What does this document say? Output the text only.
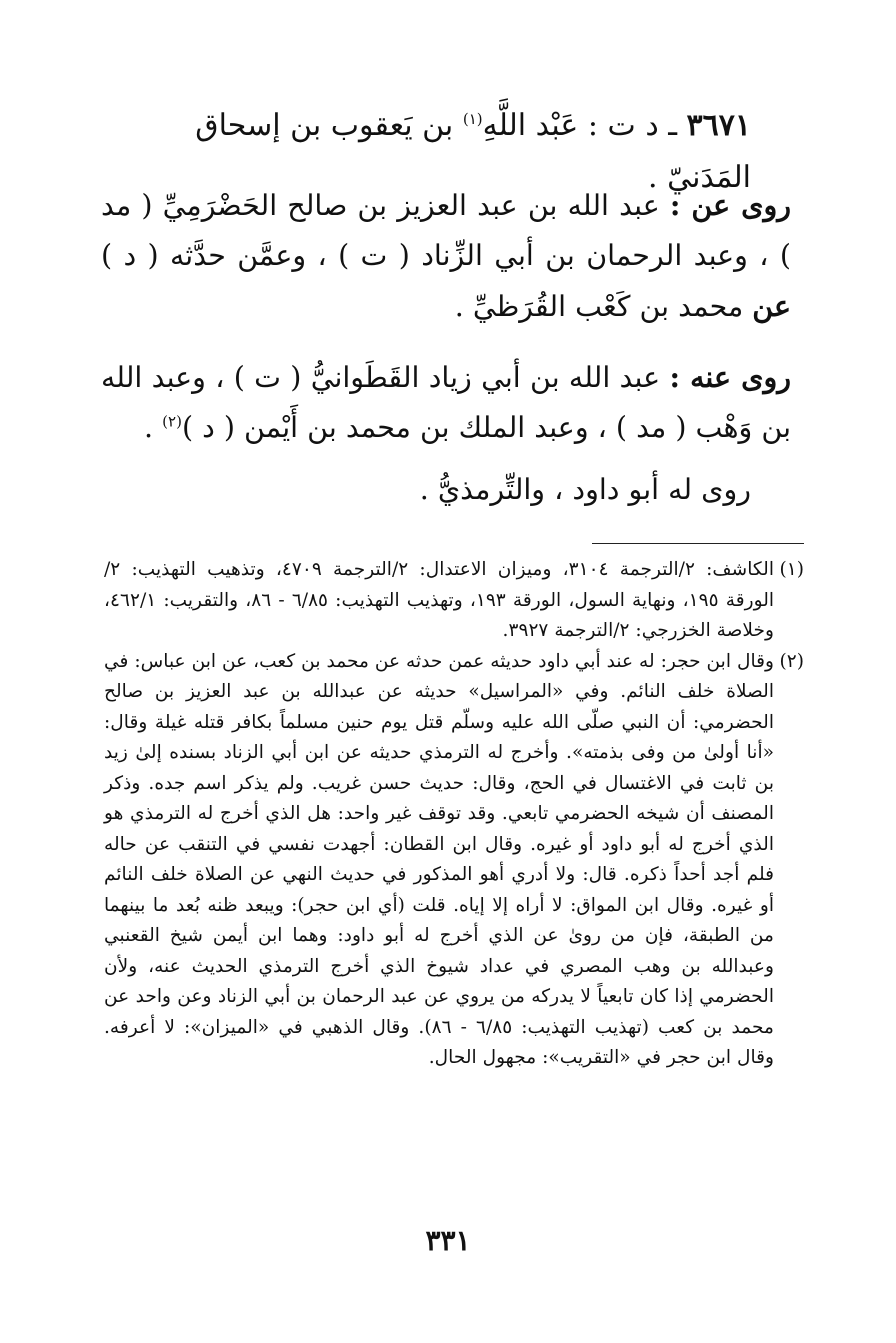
٣٦٧١ ـ د ت : عَبْد اللَّهِ$^{(١)}$ بن يَعقوب بن إسحاق المَدَنيّ .
روى عن : عبد الله بن عبد العزيز بن صالح الحَضْرَمِيِّ ( مد ) ، وعبد الرحمان بن أبي الزِّناد ( ت ) ، وعمَّن حدَّثه ( د ) عن محمد بن كَعْب القُرَظيِّ .
روى عنه : عبد الله بن أبي زياد القَطَوانيُّ ( ت ) ، وعبد الله بن وَهْب ( مد ) ، وعبد الملك بن محمد بن أَيْمن ( د )$^{(٢)}$ .
روى له أبو داود ، والتِّرمذيُّ .

(١)
الكاشف: ٢/الترجمة ٣١٠٤، وميزان الاعتدال: ٢/الترجمة ٤٧٠٩، وتذهيب التهذيب: ٢/الورقة ١٩٥، ونهاية السول، الورقة ١٩٣، وتهذيب التهذيب: ٦/٨٥ - ٨٦، والتقريب: ٤٦٢/١، وخلاصة الخزرجي: ٢/الترجمة ٣٩٢٧.

(٢)
وقال ابن حجر: له عند أبي داود حديثه عمن حدثه عن محمد بن كعب، عن ابن عباس: في الصلاة خلف النائم. وفي «المراسيل» حديثه عن عبدالله بن عبد العزيز بن صالح الحضرمي: أن النبي صلّى الله عليه وسلّم قتل يوم حنين مسلماً بكافر قتله غيلة وقال: «أنا أولىٰ من وفى بذمته». وأخرج له الترمذي حديثه عن ابن أبي الزناد بسنده إلىٰ زيد بن ثابت في الاغتسال في الحج، وقال: حديث حسن غريب. ولم يذكر اسم جده. وذكر المصنف أن شيخه الحضرمي تابعي. وقد توقف غير واحد: هل الذي أخرج له الترمذي هو الذي أخرج له أبو داود أو غيره. وقال ابن القطان: أجهدت نفسي في التنقب عن حاله فلم أجد أحداً ذكره. قال: ولا أدري أهو المذكور في حديث النهي عن الصلاة خلف النائم أو غيره. وقال ابن المواق: لا أراه إلا إياه. قلت (أي ابن حجر): ويبعد ظنه بُعد ما بينهما من الطبقة، فإن من روىٰ عن الذي أخرج له أبو داود: وهما ابن أيمن شيخ القعنبي وعبدالله بن وهب المصري في عداد شيوخ الذي أخرج الترمذي الحديث عنه، ولأن الحضرمي إذا كان تابعياً لا يدركه من يروي عن عبد الرحمان بن أبي الزناد وعن واحد عن محمد بن كعب (تهذيب التهذيب: ٦/٨٥ - ٨٦). وقال الذهبي في «الميزان»: لا أعرفه. وقال ابن حجر في «التقريب»: مجهول الحال.

٣٣١
